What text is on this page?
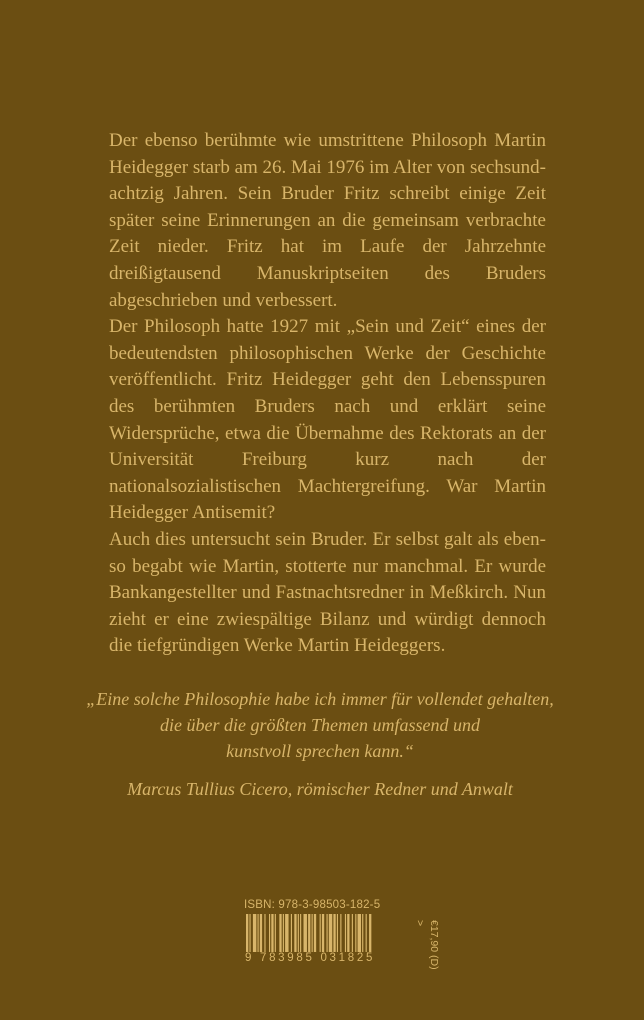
Der ebenso berühmte wie umstrittene Philosoph Martin Heidegger starb am 26. Mai 1976 im Alter von sechsundachtzig Jahren. Sein Bruder Fritz schreibt einige Zeit später seine Erinnerungen an die gemeinsam verbrachte Zeit nieder. Fritz hat im Laufe der Jahrzehnte dreißigtausend Manuskriptseiten des Bruders abgeschrieben und verbessert.

Der Philosoph hatte 1927 mit „Sein und Zeit“ eines der bedeutendsten philosophischen Werke der Geschichte veröffentlicht. Fritz Heidegger geht den Lebensspuren des berühmten Bruders nach und erklärt seine Widersprüche, etwa die Übernahme des Rektorats an der Universität Freiburg kurz nach der nationalsozialistischen Machtergreifung. War Martin Heidegger Antisemit?

Auch dies untersucht sein Bruder. Er selbst galt als ebenso begabt wie Martin, stotterte nur manchmal. Er wurde Bankangestellter und Fastnachtsredner in Meßkirch. Nun zieht er eine zwiespältige Bilanz und würdigt dennoch die tiefgründigen Werke Martin Heideggers.

„Eine solche Philosophie habe ich immer für vollendet gehalten,
die über die größten Themen umfassend und
kunstvoll sprechen kann.“

Marcus Tullius Cicero, römischer Redner und Anwalt

ISBN: 978-3-98503-182-5
9 783985 031825	€17,90 (D) >
